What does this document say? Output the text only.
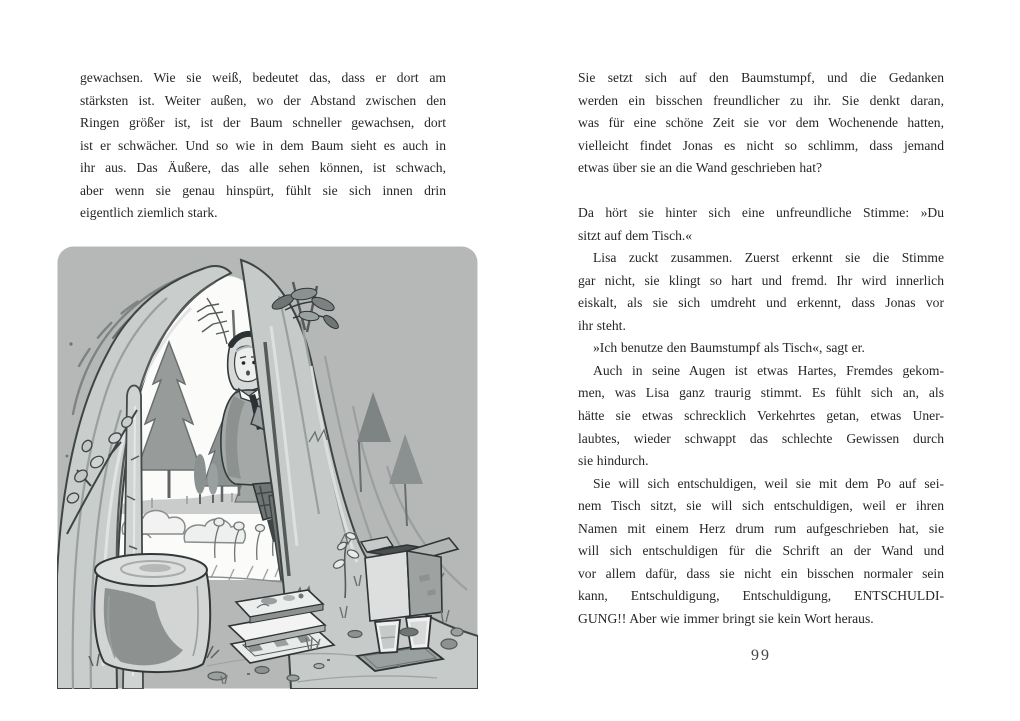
gewachsen. Wie sie weiß, bedeutet das, dass er dort am
stärksten ist. Weiter außen, wo der Abstand zwischen den
Ringen größer ist, ist der Baum schneller gewachsen, dort
ist er schwächer. Und so wie in dem Baum sieht es auch in
ihr aus. Das Äußere, das alle sehen können, ist schwach,
aber wenn sie genau hinspürt, fühlt sie sich innen drin
eigentlich ziemlich stark.
Sie setzt sich auf den Baumstumpf, und die Gedanken
werden ein bisschen freundlicher zu ihr. Sie denkt daran,
was für eine schöne Zeit sie vor dem Wochenende hatten,
vielleicht findet Jonas es nicht so schlimm, dass jemand
etwas über sie an die Wand geschrieben hat?
Da hört sie hinter sich eine unfreundliche Stimme: »Du
sitzt auf dem Tisch.«
Lisa zuckt zusammen. Zuerst erkennt sie die Stimme
gar nicht, sie klingt so hart und fremd. Ihr wird innerlich
eiskalt, als sie sich umdreht und erkennt, dass Jonas vor
ihr steht.
»Ich benutze den Baumstumpf als Tisch«, sagt er.
Auch in seine Augen ist etwas Hartes, Fremdes gekom-
men, was Lisa ganz traurig stimmt. Es fühlt sich an, als
hätte sie etwas schrecklich Verkehrtes getan, etwas Uner-
laubtes, wieder schwappt das schlechte Gewissen durch
sie hindurch.
Sie will sich entschuldigen, weil sie mit dem Po auf sei-
nem Tisch sitzt, sie will sich entschuldigen, weil er ihren
Namen mit einem Herz drum rum aufgeschrieben hat, sie
will sich entschuldigen für die Schrift an der Wand und
vor allem dafür, dass sie nicht ein bisschen normaler sein
kann, Entschuldigung, Entschuldigung, ENTSCHULDI-
GUNG!! Aber wie immer bringt sie kein Wort heraus.
99
